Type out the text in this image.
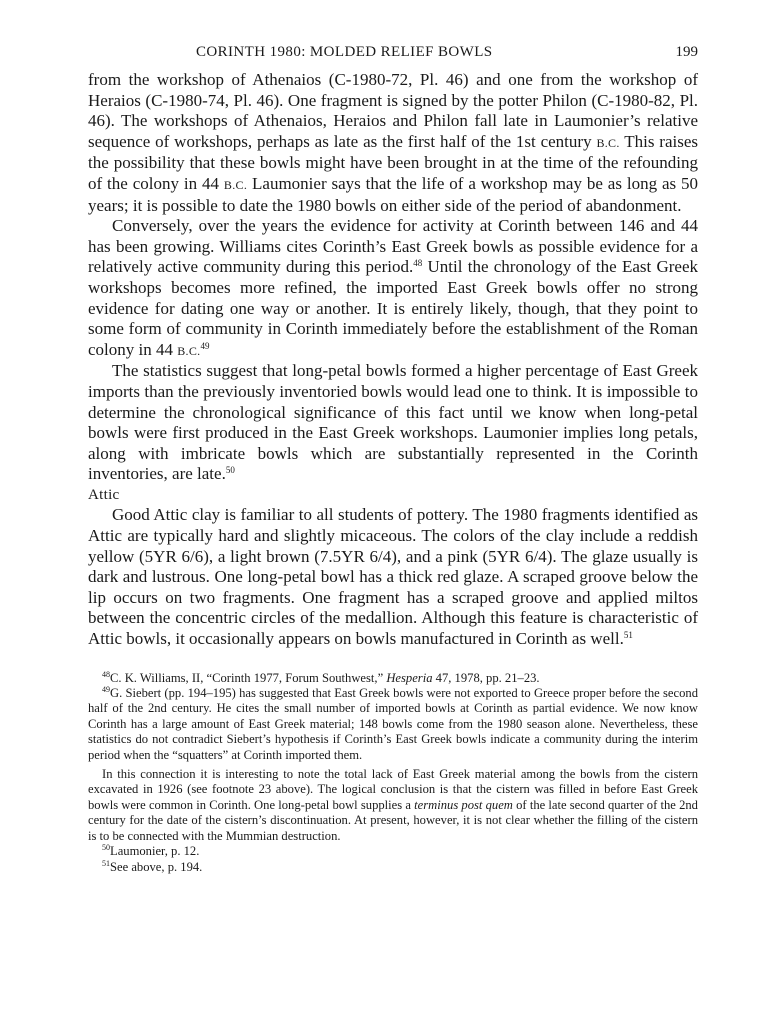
CORINTH 1980: MOLDED RELIEF BOWLS	199

from the workshop of Athenaios (C-1980-72, Pl. 46) and one from the workshop of Heraios (C-1980-74, Pl. 46). One fragment is signed by the potter Philon (C-1980-82, Pl. 46). The workshops of Athenaios, Heraios and Philon fall late in Laumonier’s relative sequence of workshops, perhaps as late as the first half of the 1st century B.C. This raises the possibility that these bowls might have been brought in at the time of the refounding of the colony in 44 B.C. Laumonier says that the life of a workshop may be as long as 50 years; it is possible to date the 1980 bowls on either side of the period of abandonment.

Conversely, over the years the evidence for activity at Corinth between 146 and 44 has been growing. Williams cites Corinth’s East Greek bowls as possible evidence for a relatively active community during this period.$^{48}$ Until the chronology of the East Greek workshops becomes more refined, the imported East Greek bowls offer no strong evidence for dating one way or another. It is entirely likely, though, that they point to some form of community in Corinth immediately before the establishment of the Roman colony in 44 B.C.$^{49}$

The statistics suggest that long-petal bowls formed a higher percentage of East Greek imports than the previously inventoried bowls would lead one to think. It is impossible to determine the chronological significance of this fact until we know when long-petal bowls were first produced in the East Greek workshops. Laumonier implies long petals, along with imbricate bowls which are substantially represented in the Corinth inventories, are late.$^{50}$

Attic

Good Attic clay is familiar to all students of pottery. The 1980 fragments identified as Attic are typically hard and slightly micaceous. The colors of the clay include a reddish yellow (5YR 6/6), a light brown (7.5YR 6/4), and a pink (5YR 6/4). The glaze usually is dark and lustrous. One long-petal bowl has a thick red glaze. A scraped groove below the lip occurs on two fragments. One fragment has a scraped groove and applied miltos between the concentric circles of the medallion. Although this feature is characteristic of Attic bowls, it occasionally appears on bowls manufactured in Corinth as well.$^{51}$

$^{48}$C. K. Williams, II, “Corinth 1977, Forum Southwest,” Hesperia 47, 1978, pp. 21–23.

$^{49}$G. Siebert (pp. 194–195) has suggested that East Greek bowls were not exported to Greece proper before the second half of the 2nd century. He cites the small number of imported bowls at Corinth as partial evidence. We now know Corinth has a large amount of East Greek material; 148 bowls come from the 1980 season alone. Nevertheless, these statistics do not contradict Siebert’s hypothesis if Corinth’s East Greek bowls indicate a community during the interim period when the “squatters” at Corinth imported them.

In this connection it is interesting to note the total lack of East Greek material among the bowls from the cistern excavated in 1926 (see footnote 23 above). The logical conclusion is that the cistern was filled in before East Greek bowls were common in Corinth. One long-petal bowl supplies a terminus post quem of the late second quarter of the 2nd century for the date of the cistern’s discontinuation. At present, however, it is not clear whether the filling of the cistern is to be connected with the Mummian destruction.

$^{50}$Laumonier, p. 12.

$^{51}$See above, p. 194.
